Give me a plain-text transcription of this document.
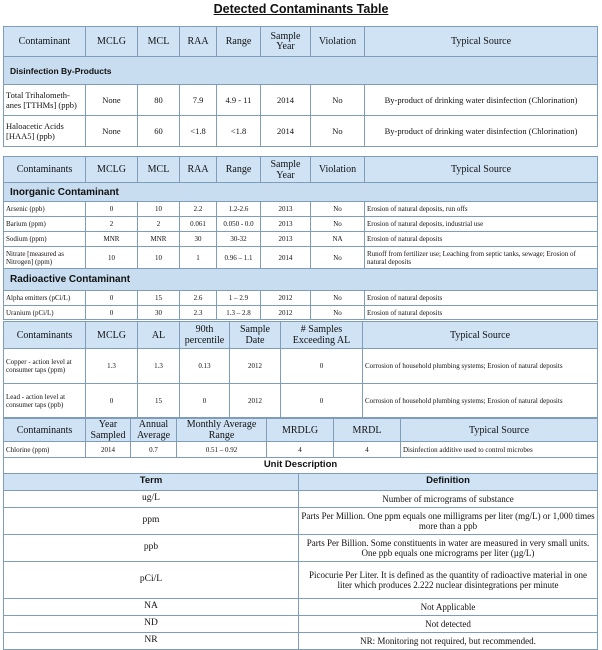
Detected Contaminants Table
Contaminant	MCLG	MCL	RAA	Range	Sample Year	Violation	Typical Source
Disinfection By-Products							
Total Trihalometh- anes [TTHMs] (ppb)	None	80	7.9	4.9 - 11	2014	No	By-product of drinking water disinfection (Chlorination)
Haloacetic Acids [HAA5] (ppb)	None	60	<1.8	<1.8	2014	No	By-product of drinking water disinfection (Chlorination)
Contaminants	MCLG	MCL	RAA	Range	Sample Year	Violation	Typical Source
Inorganic Contaminant							
Arsenic (ppb)	0	10	2.2	1.2-2.6	2013	No	Erosion of natural deposits, run offs
Barium (ppm)	2	2	0.061	0.050 - 0.0	2013	No	Erosion of natural deposits, industrial use
Sodium (ppm)	MNR	MNR	30	30-32	2013	NA	Erosion of natural deposits
Nitrate [measured as Nitrogen] (ppm)	10	10	1	0.96 – 1.1	2014	No	Runoff from fertilizer use; Leaching from septic tanks, sewage; Erosion of natural deposits
Radioactive Contaminant							
Alpha emitters (pCi/L)	0	15	2.6	1 – 2.9	2012	No	Erosion of natural deposits
Uranium (pCi/L)	0	30	2.3	1.3 – 2.8	2012	No	Erosion of natural deposits
Contaminants	MCLG	AL	90th percentile	Sample Date	# Samples Exceeding AL	Typical Source
Copper - action level at consumer taps (ppm)	1.3	1.3	0.13	2012	0	Corrosion of household plumbing systems; Erosion of natural deposits
Lead - action level at consumer taps (ppb)	0	15	0	2012	0	Corrosion of household plumbing systems; Erosion of natural deposits
Contaminants	Year Sampled	Annual Average	Monthly Average Range	MRDLG	MRDL	Typical Source
Chlorine (ppm)	2014	0.7	0.51 – 0.92	4	4	Disinfection additive used to control microbes
Unit Description	
Term	Definition
ug/L	Number of micrograms of substance
ppm	Parts Per Million. One ppm equals one milligrams per liter (mg/L) or 1,000 times more than a ppb
ppb	Parts Per Billion. Some constituents in water are measured in very small units. One ppb equals one micrograms per liter (µg/L)
pCi/L	Picocurie Per Liter. It is defined as the quantity of radioactive material in one liter which produces 2.222 nuclear disintegrations per minute
NA	Not Applicable
ND	Not detected
NR	NR: Monitoring not required, but recommended.
